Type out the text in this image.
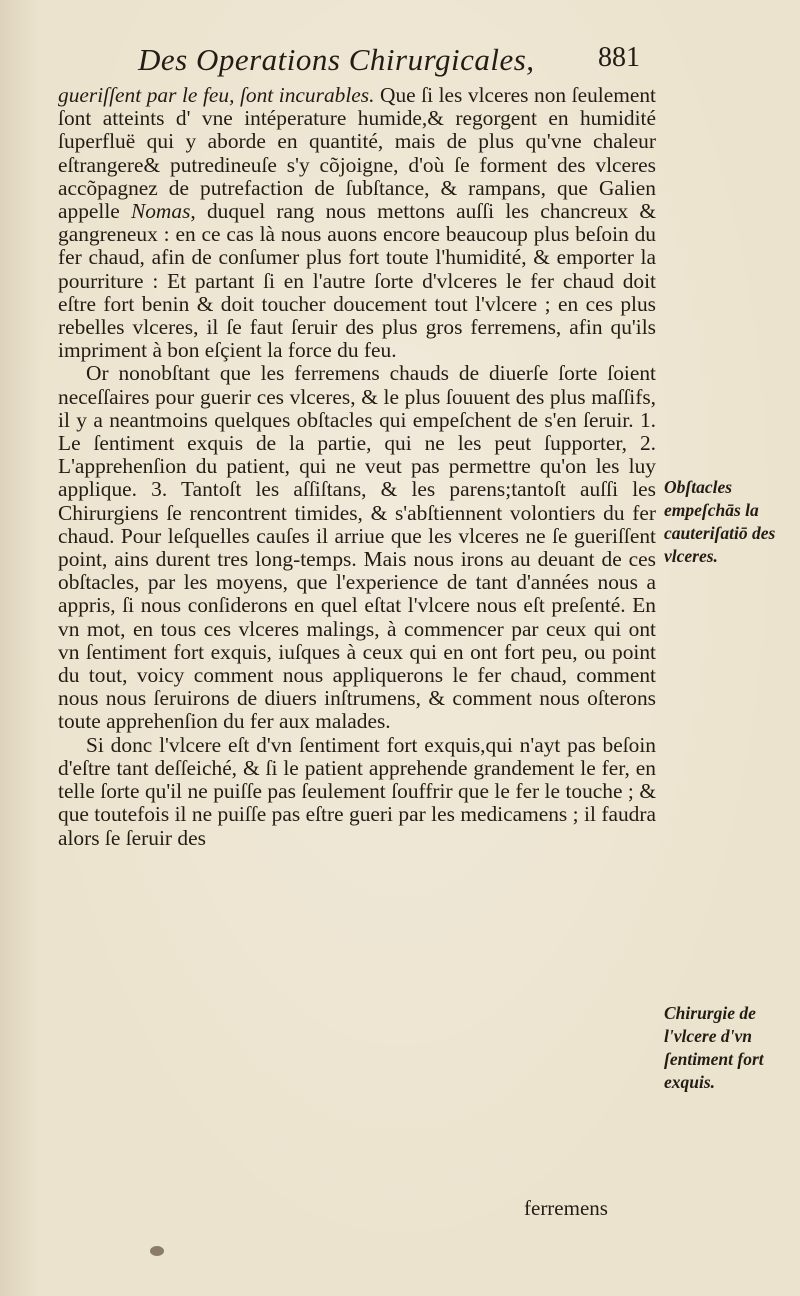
Des Operations Chirurgicales, 881

gueriſſent par le feu, ſont incurables. Que ſi les vlceres non ſeulement ſont atteints d' vne intéperature humide,& regorgent en humidité ſuperfluë qui y aborde en quantité, mais de plus qu'vne chaleur eſtrangere& putredineuſe s'y cõjoigne, d'où ſe forment des vlceres accõpagnez de putrefaction de ſubſtance, & rampans, que Galien appelle Nomas, duquel rang nous mettons auſſi les chancreux & gangreneux : en ce cas là nous auons encore beaucoup plus beſoin du fer chaud, afin de conſumer plus fort toute l'humidité, & emporter la pourriture : Et partant ſi en l'autre ſorte d'vlceres le fer chaud doit eſtre fort benin & doit toucher doucement tout l'vlcere ; en ces plus rebelles vlceres, il ſe faut ſeruir des plus gros ferremens, afin qu'ils impriment à bon eſçient la force du feu.

Or nonobſtant que les ferremens chauds de diuerſe ſorte ſoient neceſſaires pour guerir ces vlceres, & le plus ſouuent des plus maſſifs, il y a neantmoins quelques obſtacles qui empeſchent de s'en ſeruir. 1. Le ſentiment exquis de la partie, qui ne les peut ſupporter, 2. L'apprehenſion du patient, qui ne veut pas permettre qu'on les luy applique. 3. Tantoſt les aſſiſtans, & les parens;tantoſt auſſi les Chirurgiens ſe rencontrent timides, & s'abſtiennent volontiers du fer chaud. Pour leſquelles cauſes il arriue que les vlceres ne ſe gueriſſent point, ains durent tres long-temps. Mais nous irons au deuant de ces obſtacles, par les moyens, que l'experience de tant d'années nous a appris, ſi nous conſiderons en quel eſtat l'vlcere nous eſt preſenté. En vn mot, en tous ces vlceres malings, à commencer par ceux qui ont vn ſentiment fort exquis, iuſques à ceux qui en ont fort peu, ou point du tout, voicy comment nous appliquerons le fer chaud, comment nous nous ſeruirons de diuers inſtrumens, & comment nous oſterons toute apprehenſion du fer aux malades.

Si donc l'vlcere eſt d'vn ſentiment fort exquis,qui n'ayt pas beſoin d'eſtre tant deſſeiché, & ſi le patient apprehende grandement le fer, en telle ſorte qu'il ne puiſſe pas ſeulement ſouffrir que le fer le touche ; & que toutefois il ne puiſſe pas eſtre gueri par les medicamens ; il faudra alors ſe ſeruir des

ferremens
Obſtacles empeſchās la cauteriſatiō des vlceres.
Chirurgie de l'vlcere d'vn ſentiment fort exquis.
